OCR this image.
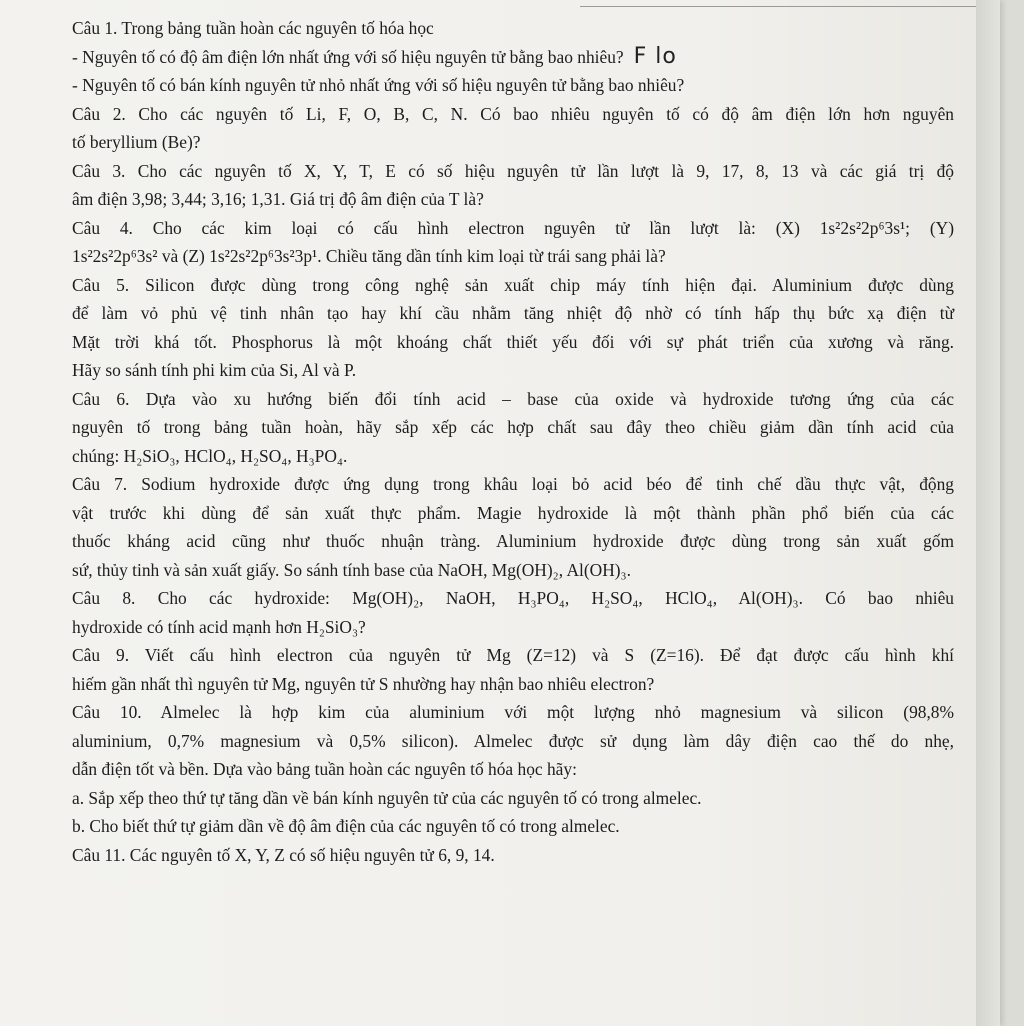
Câu 1. Trong bảng tuần hoàn các nguyên tố hóa học
- Nguyên tố có độ âm điện lớn nhất ứng với số hiệu nguyên tử bằng bao nhiêu? F lo
- Nguyên tố có bán kính nguyên tử nhỏ nhất ứng với số hiệu nguyên tử bằng bao nhiêu?
Câu 2. Cho các nguyên tố Li, F, O, B, C, N. Có bao nhiêu nguyên tố có độ âm điện lớn hơn nguyên
tố beryllium (Be)?
Câu 3. Cho các nguyên tố X, Y, T, E có số hiệu nguyên tử lần lượt là 9, 17, 8, 13 và các giá trị độ
âm điện 3,98; 3,44; 3,16; 1,31. Giá trị độ âm điện của T là?
Câu 4. Cho các kim loại có cấu hình electron nguyên tử lần lượt là: (X) 1s²2s²2p⁶3s¹; (Y)
1s²2s²2p⁶3s² và (Z) 1s²2s²2p⁶3s²3p¹. Chiều tăng dần tính kim loại từ trái sang phải là?
Câu 5. Silicon được dùng trong công nghệ sản xuất chip máy tính hiện đại. Aluminium được dùng
để làm vỏ phủ vệ tinh nhân tạo hay khí cầu nhằm tăng nhiệt độ nhờ có tính hấp thụ bức xạ điện từ
Mặt trời khá tốt. Phosphorus là một khoáng chất thiết yếu đối với sự phát triển của xương và răng.
Hãy so sánh tính phi kim của Si, Al và P.
Câu 6. Dựa vào xu hướng biến đổi tính acid – base của oxide và hydroxide tương ứng của các
nguyên tố trong bảng tuần hoàn, hãy sắp xếp các hợp chất sau đây theo chiều giảm dần tính acid của
chúng: H₂SiO₃, HClO₄, H₂SO₄, H₃PO₄.
Câu 7. Sodium hydroxide được ứng dụng trong khâu loại bỏ acid béo để tinh chế dầu thực vật, động
vật trước khi dùng để sản xuất thực phẩm. Magie hydroxide là một thành phần phổ biến của các
thuốc kháng acid cũng như thuốc nhuận tràng. Aluminium hydroxide được dùng trong sản xuất gốm
sứ, thủy tinh và sản xuất giấy. So sánh tính base của NaOH, Mg(OH)₂, Al(OH)₃.
Câu 8. Cho các hydroxide: Mg(OH)₂, NaOH, H₃PO₄, H₂SO₄, HClO₄, Al(OH)₃. Có bao nhiêu
hydroxide có tính acid mạnh hơn H₂SiO₃?
Câu 9. Viết cấu hình electron của nguyên tử Mg (Z=12) và S (Z=16). Để đạt được cấu hình khí
hiếm gần nhất thì nguyên tử Mg, nguyên tử S nhường hay nhận bao nhiêu electron?
Câu 10. Almelec là hợp kim của aluminium với một lượng nhỏ magnesium và silicon (98,8%
aluminium, 0,7% magnesium và 0,5% silicon). Almelec được sử dụng làm dây điện cao thế do nhẹ,
dẫn điện tốt và bền. Dựa vào bảng tuần hoàn các nguyên tố hóa học hãy:
a. Sắp xếp theo thứ tự tăng dần về bán kính nguyên tử của các nguyên tố có trong almelec.
b. Cho biết thứ tự giảm dần về độ âm điện của các nguyên tố có trong almelec.
Câu 11. Các nguyên tố X, Y, Z có số hiệu nguyên tử 6, 9, 14.
